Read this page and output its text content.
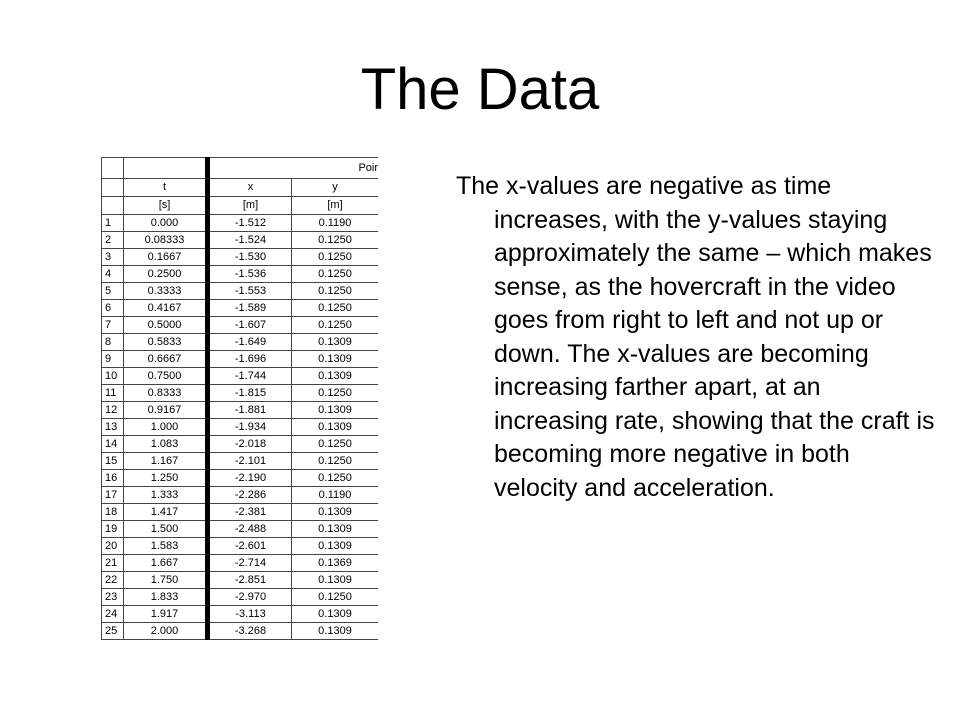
The Data
		Poir	
	t	x	y
	[s]	[m]	[m]
1	0.000	-1.512	0.1190
2	0.08333	-1.524	0.1250
3	0.1667	-1.530	0.1250
4	0.2500	-1.536	0.1250
5	0.3333	-1.553	0.1250
6	0.4167	-1.589	0.1250
7	0.5000	-1.607	0.1250
8	0.5833	-1.649	0.1309
9	0.6667	-1.696	0.1309
10	0.7500	-1.744	0.1309
11	0.8333	-1.815	0.1250
12	0.9167	-1.881	0.1309
13	1.000	-1.934	0.1309
14	1.083	-2.018	0.1250
15	1.167	-2.101	0.1250
16	1.250	-2.190	0.1250
17	1.333	-2.286	0.1190
18	1.417	-2.381	0.1309
19	1.500	-2.488	0.1309
20	1.583	-2.601	0.1309
21	1.667	-2.714	0.1369
22	1.750	-2.851	0.1309
23	1.833	-2.970	0.1250
24	1.917	-3.113	0.1309
25	2.000	-3.268	0.1309
The x-values are negative as time increases, with the y-values staying approximately the same – which makes sense, as the hovercraft in the video goes from right to left and not up or down. The x-values are becoming increasing farther apart, at an increasing rate, showing that the craft is becoming more negative in both velocity and acceleration.
